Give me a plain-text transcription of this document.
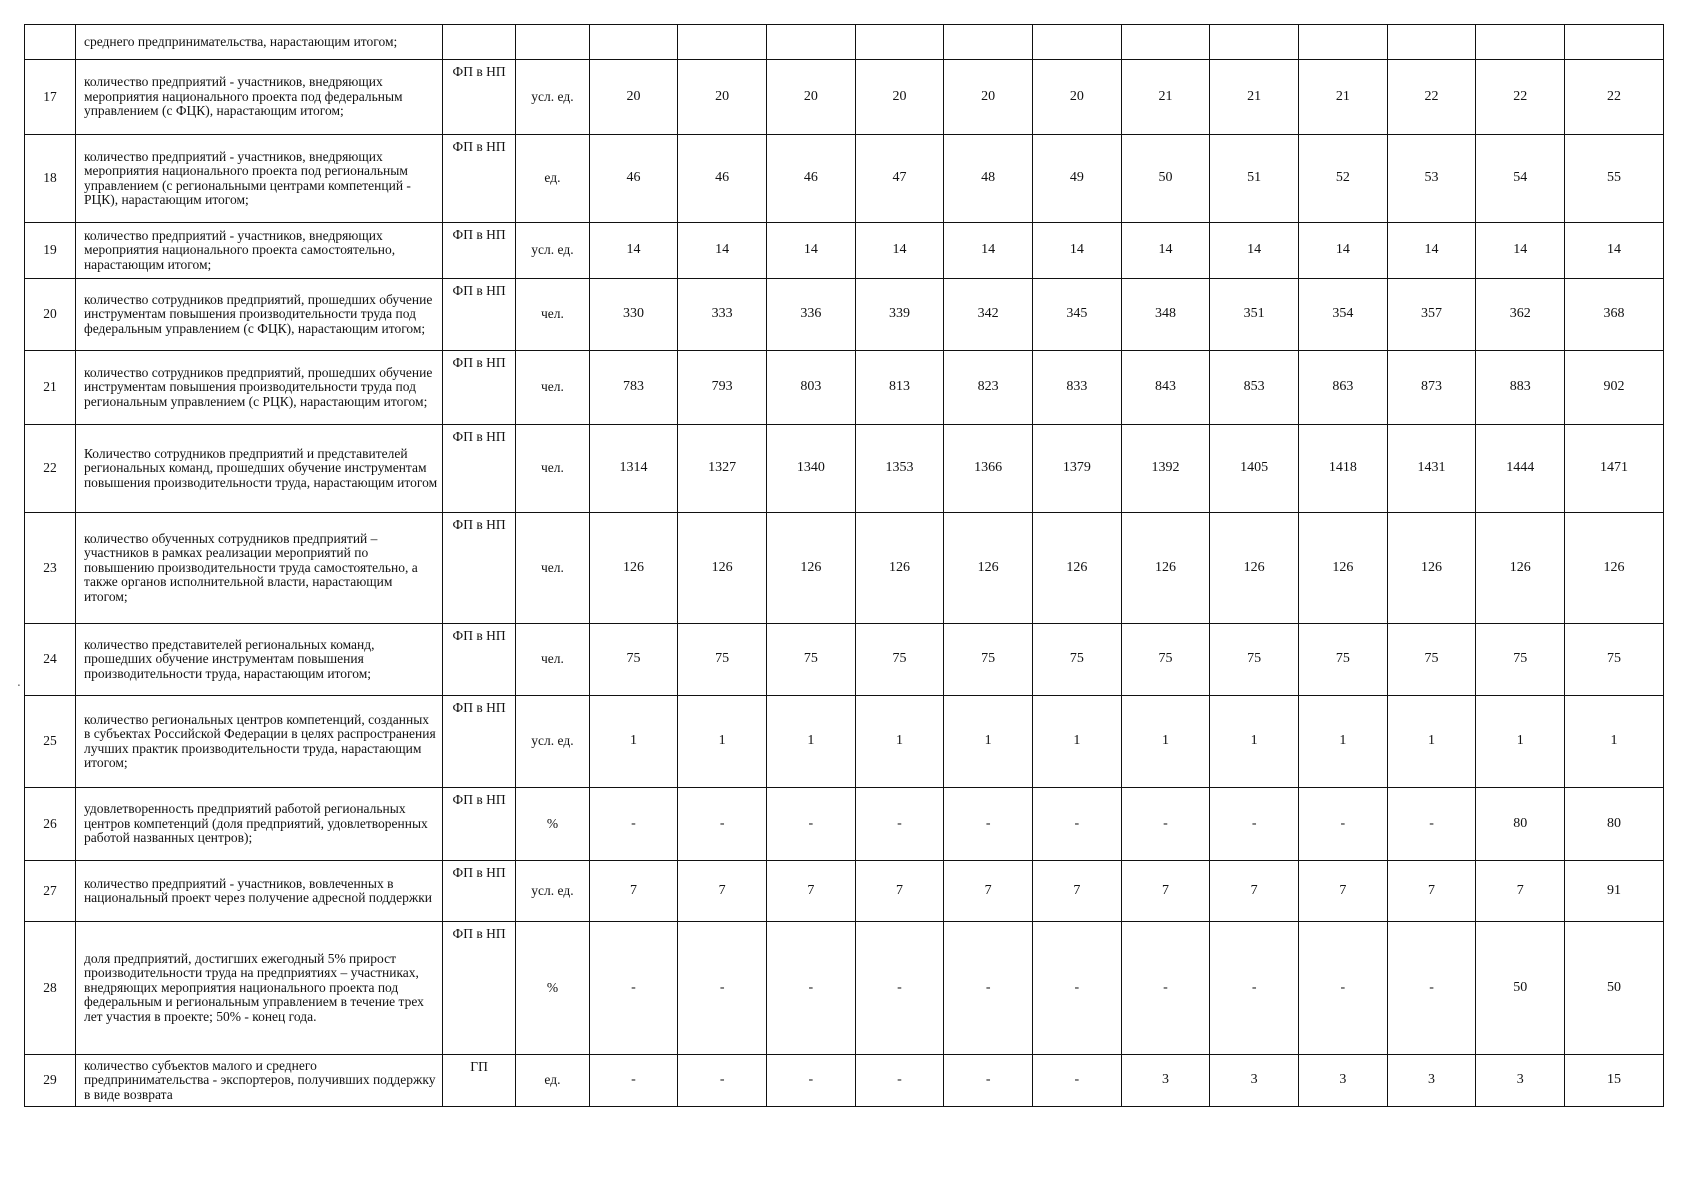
.
	среднего предпринимательства, нарастающим итогом;														
17	количество предприятий - участников, внедряющих мероприятия национального проекта под федеральным управлением (с ФЦК), нарастающим итогом;	ФП в НП	усл. ед.	20	20	20	20	20	20	21	21	21	22	22	22
18	количество предприятий - участников, внедряющих мероприятия национального проекта под региональным управлением (с региональными центрами компетенций - РЦК), нарастающим итогом;	ФП в НП	ед.	46	46	46	47	48	49	50	51	52	53	54	55
19	количество предприятий - участников, внедряющих мероприятия национального проекта самостоятельно, нарастающим итогом;	ФП в НП	усл. ед.	14	14	14	14	14	14	14	14	14	14	14	14
20	количество сотрудников предприятий, прошедших обучение инструментам повышения производительности труда под федеральным управлением (с ФЦК), нарастающим итогом;	ФП в НП	чел.	330	333	336	339	342	345	348	351	354	357	362	368
21	количество сотрудников предприятий, прошедших обучение инструментам повышения производительности труда под региональным управлением (с РЦК), нарастающим итогом;	ФП в НП	чел.	783	793	803	813	823	833	843	853	863	873	883	902
22	Количество сотрудников предприятий и представителей региональных команд, прошедших обучение инструментам повышения производительности труда, нарастающим итогом	ФП в НП	чел.	1314	1327	1340	1353	1366	1379	1392	1405	1418	1431	1444	1471
23	количество обученных сотрудников предприятий – участников в рамках реализации мероприятий по повышению производительности труда самостоятельно, а также органов исполнительной власти, нарастающим итогом;	ФП в НП	чел.	126	126	126	126	126	126	126	126	126	126	126	126
24	количество представителей региональных команд, прошедших обучение инструментам повышения производительности труда, нарастающим итогом;	ФП в НП	чел.	75	75	75	75	75	75	75	75	75	75	75	75
25	количество региональных центров компетенций, созданных в субъектах Российской Федерации в целях распространения лучших практик производительности труда, нарастающим итогом;	ФП в НП	усл. ед.	1	1	1	1	1	1	1	1	1	1	1	1
26	удовлетворенность предприятий работой региональных центров компетенций (доля предприятий, удовлетворенных работой названных центров);	ФП в НП	%	-	-	-	-	-	-	-	-	-	-	80	80
27	количество предприятий - участников, вовлеченных в национальный проект через получение адресной поддержки	ФП в НП	усл. ед.	7	7	7	7	7	7	7	7	7	7	7	91
28	доля предприятий, достигших ежегодный 5% прирост производительности труда на предприятиях – участниках, внедряющих мероприятия национального проекта под федеральным и региональным управлением в течение трех лет участия в проекте; 50% - конец года.	ФП в НП	%	-	-	-	-	-	-	-	-	-	-	50	50
29	количество субъектов малого и среднего предпринимательства - экспортеров, получивших поддержку в виде возврата	ГП	ед.	-	-	-	-	-	-	3	3	3	3	3	15
